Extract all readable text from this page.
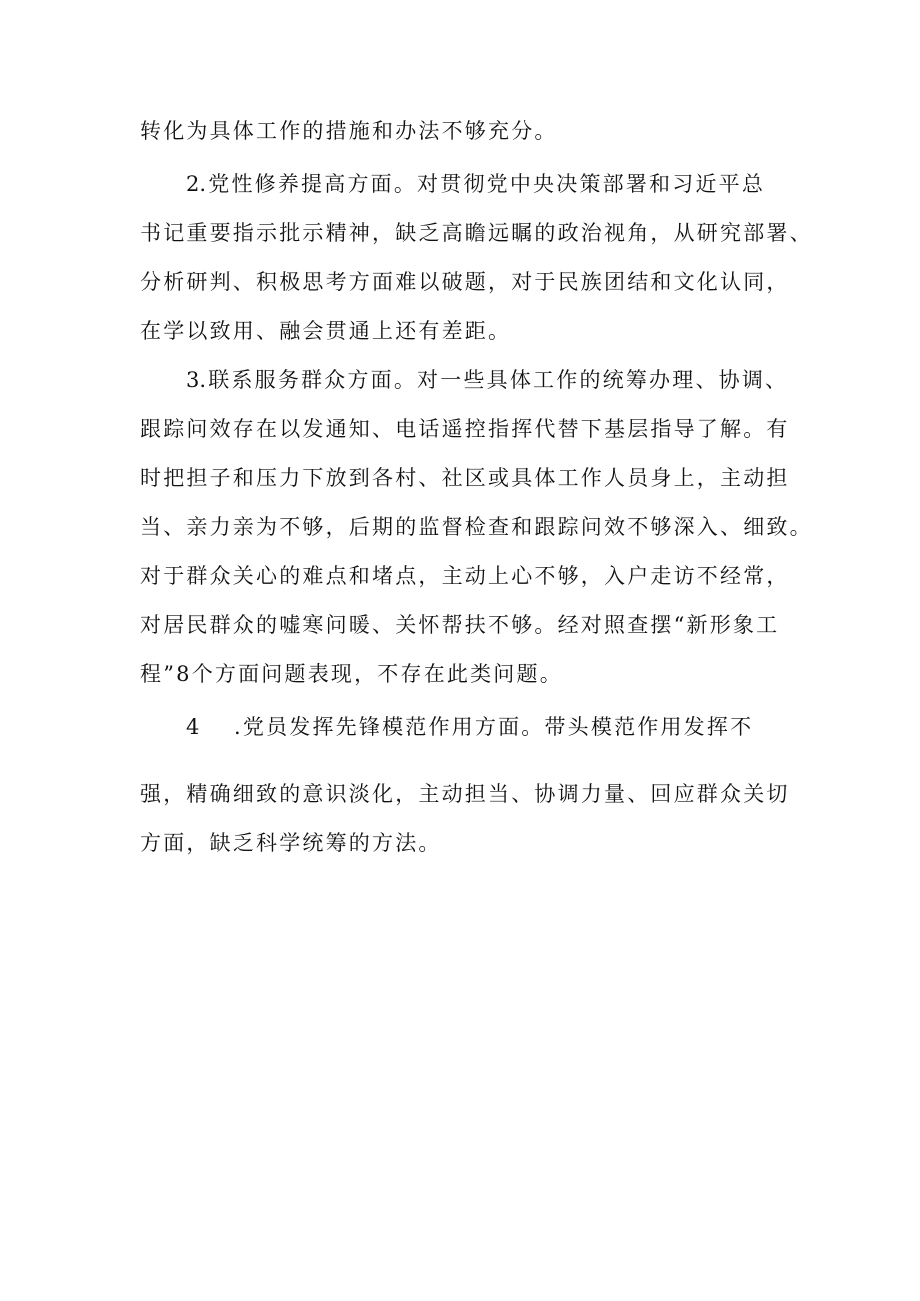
转化为具体工作的措施和办法不够充分。
2.党性修养提高方面。对贯彻党中央决策部署和习近平总
书记重要指示批示精神，缺乏高瞻远瞩的政治视角，从研究部署、
分析研判、积极思考方面难以破题，对于民族团结和文化认同，
在学以致用、融会贯通上还有差距。
3.联系服务群众方面。对一些具体工作的统筹办理、协调、
跟踪问效存在以发通知、电话遥控指挥代替下基层指导了解。有
时把担子和压力下放到各村、社区或具体工作人员身上，主动担
当、亲力亲为不够，后期的监督检查和跟踪问效不够深入、细致。
对于群众关心的难点和堵点，主动上心不够，入户走访不经常，
对居民群众的嘘寒问暖、关怀帮扶不够。经对照查摆“新形象工
程”8个方面问题表现，不存在此类问题。
4 .党员发挥先锋模范作用方面。带头模范作用发挥不
强，精确细致的意识淡化，主动担当、协调力量、回应群众关切
方面，缺乏科学统筹的方法。
